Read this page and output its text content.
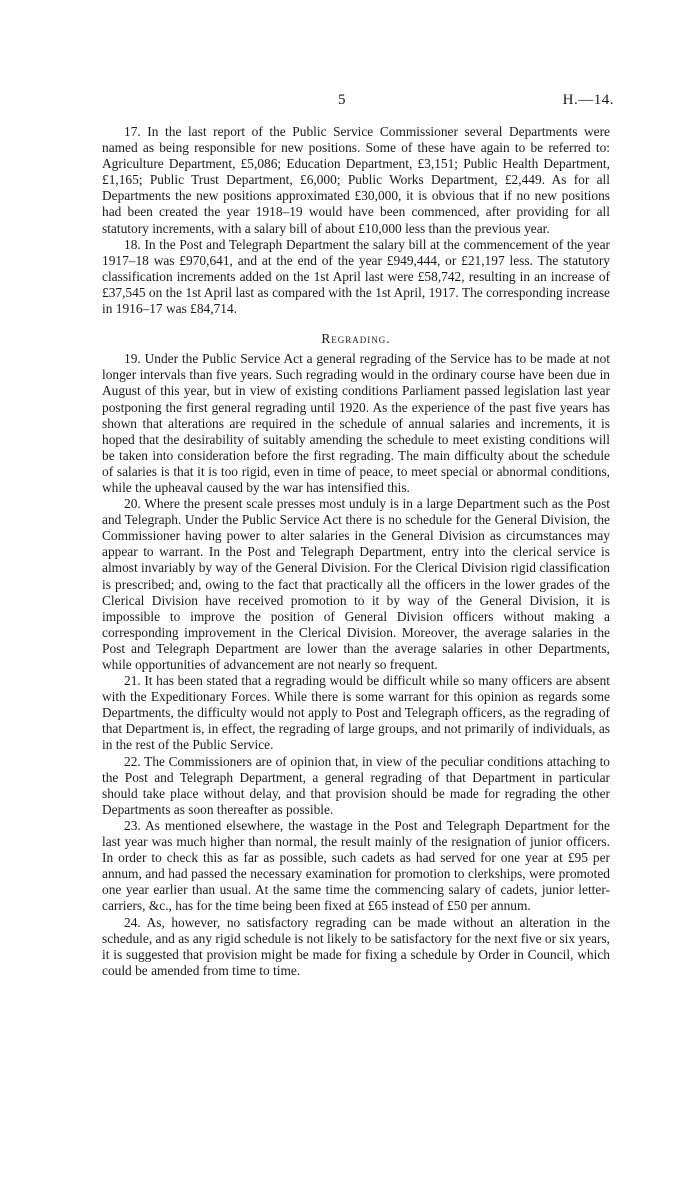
5	H.—14.

17. In the last report of the Public Service Commissioner several Departments were named as being responsible for new positions. Some of these have again to be referred to: Agriculture Department, £5,086; Education Department, £3,151; Public Health Department, £1,165; Public Trust Department, £6,000; Public Works Department, £2,449. As for all Departments the new positions approximated £30,000, it is obvious that if no new positions had been created the year 1918–19 would have been commenced, after providing for all statutory increments, with a salary bill of about £10,000 less than the previous year.

18. In the Post and Telegraph Department the salary bill at the commencement of the year 1917–18 was £970,641, and at the end of the year £949,444, or £21,197 less. The statutory classification increments added on the 1st April last were £58,742, resulting in an increase of £37,545 on the 1st April last as compared with the 1st April, 1917. The corresponding increase in 1916–17 was £84,714.

Regrading.

19. Under the Public Service Act a general regrading of the Service has to be made at not longer intervals than five years. Such regrading would in the ordinary course have been due in August of this year, but in view of existing conditions Parliament passed legislation last year postponing the first general regrading until 1920. As the experience of the past five years has shown that alterations are required in the schedule of annual salaries and increments, it is hoped that the desirability of suitably amending the schedule to meet existing conditions will be taken into consideration before the first regrading. The main difficulty about the schedule of salaries is that it is too rigid, even in time of peace, to meet special or abnormal conditions, while the upheaval caused by the war has intensified this.

20. Where the present scale presses most unduly is in a large Department such as the Post and Telegraph. Under the Public Service Act there is no schedule for the General Division, the Commissioner having power to alter salaries in the General Division as circumstances may appear to warrant. In the Post and Telegraph Department, entry into the clerical service is almost invariably by way of the General Division. For the Clerical Division rigid classification is prescribed; and, owing to the fact that practically all the officers in the lower grades of the Clerical Division have received promotion to it by way of the General Division, it is impossible to improve the position of General Division officers without making a corresponding improvement in the Clerical Division. Moreover, the average salaries in the Post and Telegraph Department are lower than the average salaries in other Departments, while opportunities of advancement are not nearly so frequent.

21. It has been stated that a regrading would be difficult while so many officers are absent with the Expeditionary Forces. While there is some warrant for this opinion as regards some Departments, the difficulty would not apply to Post and Telegraph officers, as the regrading of that Department is, in effect, the regrading of large groups, and not primarily of individuals, as in the rest of the Public Service.

22. The Commissioners are of opinion that, in view of the peculiar conditions attaching to the Post and Telegraph Department, a general regrading of that Department in particular should take place without delay, and that provision should be made for regrading the other Departments as soon thereafter as possible.

23. As mentioned elsewhere, the wastage in the Post and Telegraph Department for the last year was much higher than normal, the result mainly of the resignation of junior officers. In order to check this as far as possible, such cadets as had served for one year at £95 per annum, and had passed the necessary examination for promotion to clerkships, were promoted one year earlier than usual. At the same time the commencing salary of cadets, junior letter-carriers, &c., has for the time being been fixed at £65 instead of £50 per annum.

24. As, however, no satisfactory regrading can be made without an alteration in the schedule, and as any rigid schedule is not likely to be satisfactory for the next five or six years, it is suggested that provision might be made for fixing a schedule by Order in Council, which could be amended from time to time.
